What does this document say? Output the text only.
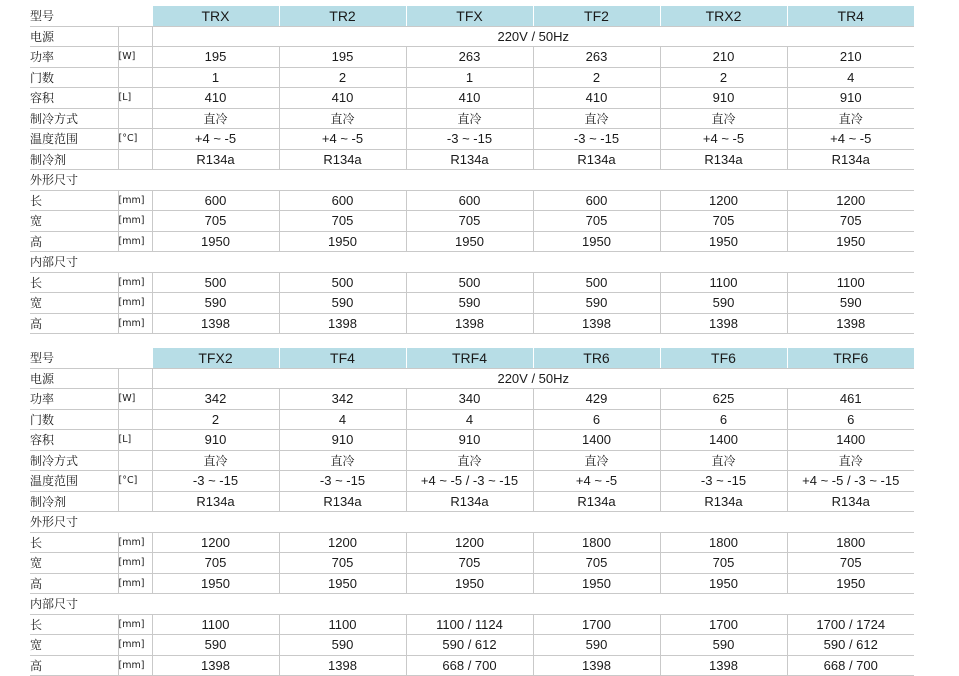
型号		TRX	TR2	TFX	TF2	TRX2	TR4
电源		220V / 50Hz					
功率	[W]	195	195	263	263	210	210
门数		1	2	1	2	2	4
容积	[L]	410	410	410	410	910	910
制冷方式		直冷	直冷	直冷	直冷	直冷	直冷
温度范围	[°C]	+4 ~ -5	+4 ~ -5	-3 ~ -15	-3 ~ -15	+4 ~ -5	+4 ~ -5
制冷剂		R134a	R134a	R134a	R134a	R134a	R134a
外形尺寸							
长	[mm]	600	600	600	600	1200	1200
宽	[mm]	705	705	705	705	705	705
高	[mm]	1950	1950	1950	1950	1950	1950
内部尺寸							
长	[mm]	500	500	500	500	1100	1100
宽	[mm]	590	590	590	590	590	590
高	[mm]	1398	1398	1398	1398	1398	1398
型号		TFX2	TF4	TRF4	TR6	TF6	TRF6
电源		220V / 50Hz					
功率	[W]	342	342	340	429	625	461
门数		2	4	4	6	6	6
容积	[L]	910	910	910	1400	1400	1400
制冷方式		直冷	直冷	直冷	直冷	直冷	直冷
温度范围	[°C]	-3 ~ -15	-3 ~ -15	+4 ~ -5 / -3 ~ -15	+4 ~ -5	-3 ~ -15	+4 ~ -5 / -3 ~ -15
制冷剂		R134a	R134a	R134a	R134a	R134a	R134a
外形尺寸							
长	[mm]	1200	1200	1200	1800	1800	1800
宽	[mm]	705	705	705	705	705	705
高	[mm]	1950	1950	1950	1950	1950	1950
内部尺寸							
长	[mm]	1100	1100	1100 / 1124	1700	1700	1700 / 1724
宽	[mm]	590	590	590 / 612	590	590	590 / 612
高	[mm]	1398	1398	668 / 700	1398	1398	668 / 700
